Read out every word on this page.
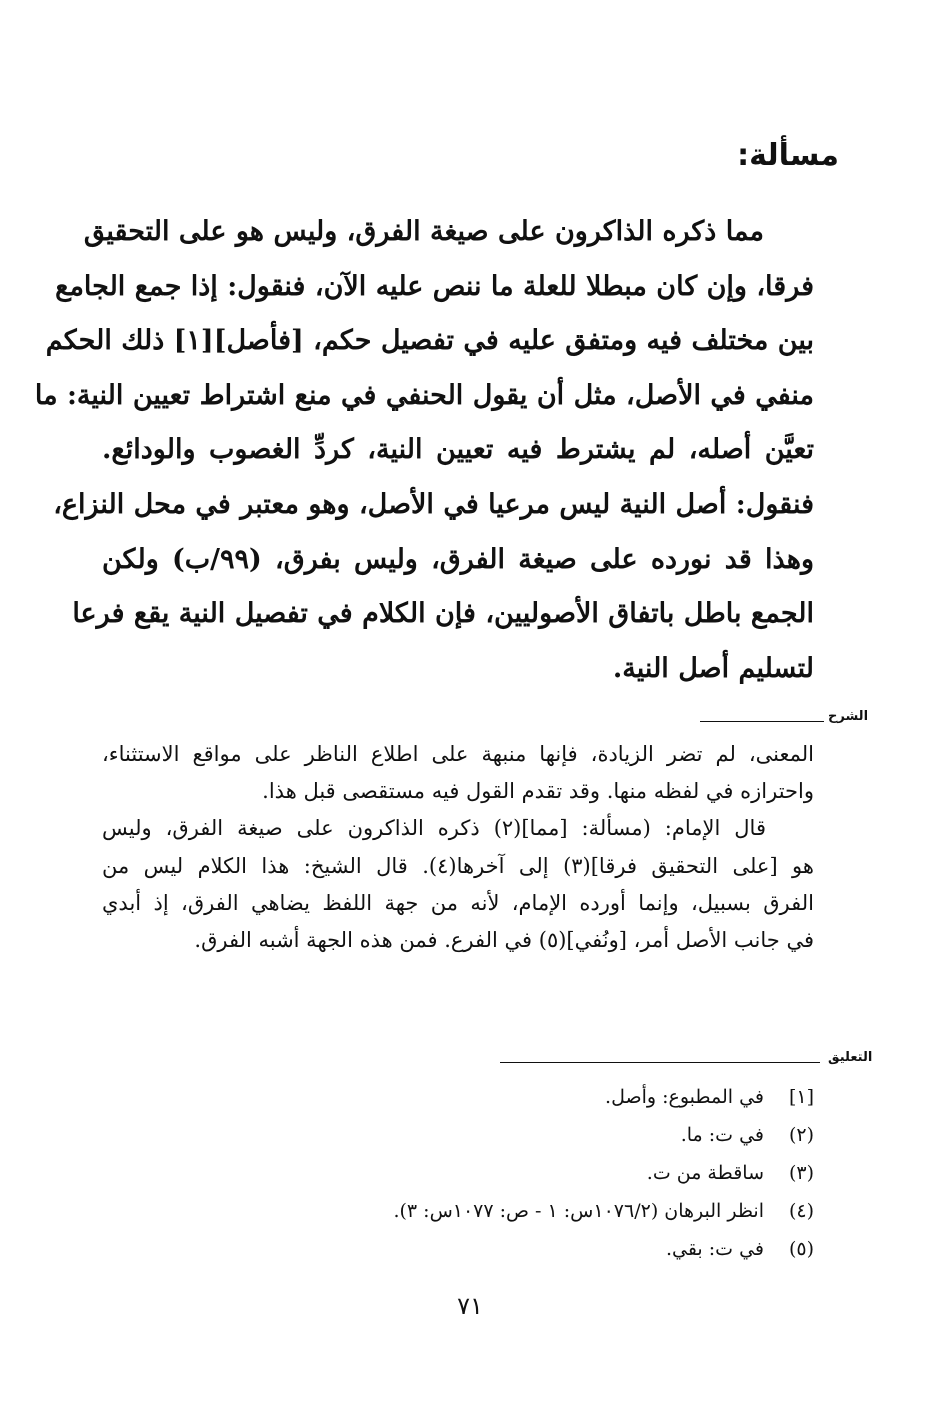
مسألة:
مما ذكره الذاكرون على صيغة الفرق، وليس هو على التحقيق
فرقا، وإن كان مبطلا للعلة ما ننص عليه الآن، فنقول: إذا جمع الجامع
بين مختلف فيه ومتفق عليه في تفصيل حكم، [فأصل][١] ذلك الحكم
منفي في الأصل، مثل أن يقول الحنفي في منع اشتراط تعيين النية: ما
تعيَّن أصله، لم يشترط فيه تعيين النية، كردِّ الغصوب والودائع.
فنقول: أصل النية ليس مرعيا في الأصل، وهو معتبر في محل النزاع،
وهذا قد نورده على صيغة الفرق، وليس بفرق، (٩٩/ب) ولكن
الجمع باطل باتفاق الأصوليين، فإن الكلام في تفصيل النية يقع فرعا
لتسليم أصل النية.
الشرح
المعنى، لم تضر الزيادة، فإنها منبهة على اطلاع الناظر على مواقع الاستثناء،
واحترازه في لفظه منها. وقد تقدم القول فيه مستقصى قبل هذا.
قال الإمام: (مسألة: [مما](٢) ذكره الذاكرون على صيغة الفرق، وليس
هو [على التحقيق فرقا](٣) إلى آخرها(٤). قال الشيخ: هذا الكلام ليس من
الفرق بسبيل، وإنما أورده الإمام، لأنه من جهة اللفظ يضاهي الفرق، إذ أبدي
في جانب الأصل أمر، [ونُفي](٥) في الفرع. فمن هذه الجهة أشبه الفرق.
التعليق
[١]
في المطبوع: وأصل.
(٢)
في ت: ما.
(٣)
ساقطة من ت.
(٤)
انظر البرهان (١٠٧٦/٢س: ١ - ص: ١٠٧٧س: ٣).
(٥)
في ت: بقي.
٧١
